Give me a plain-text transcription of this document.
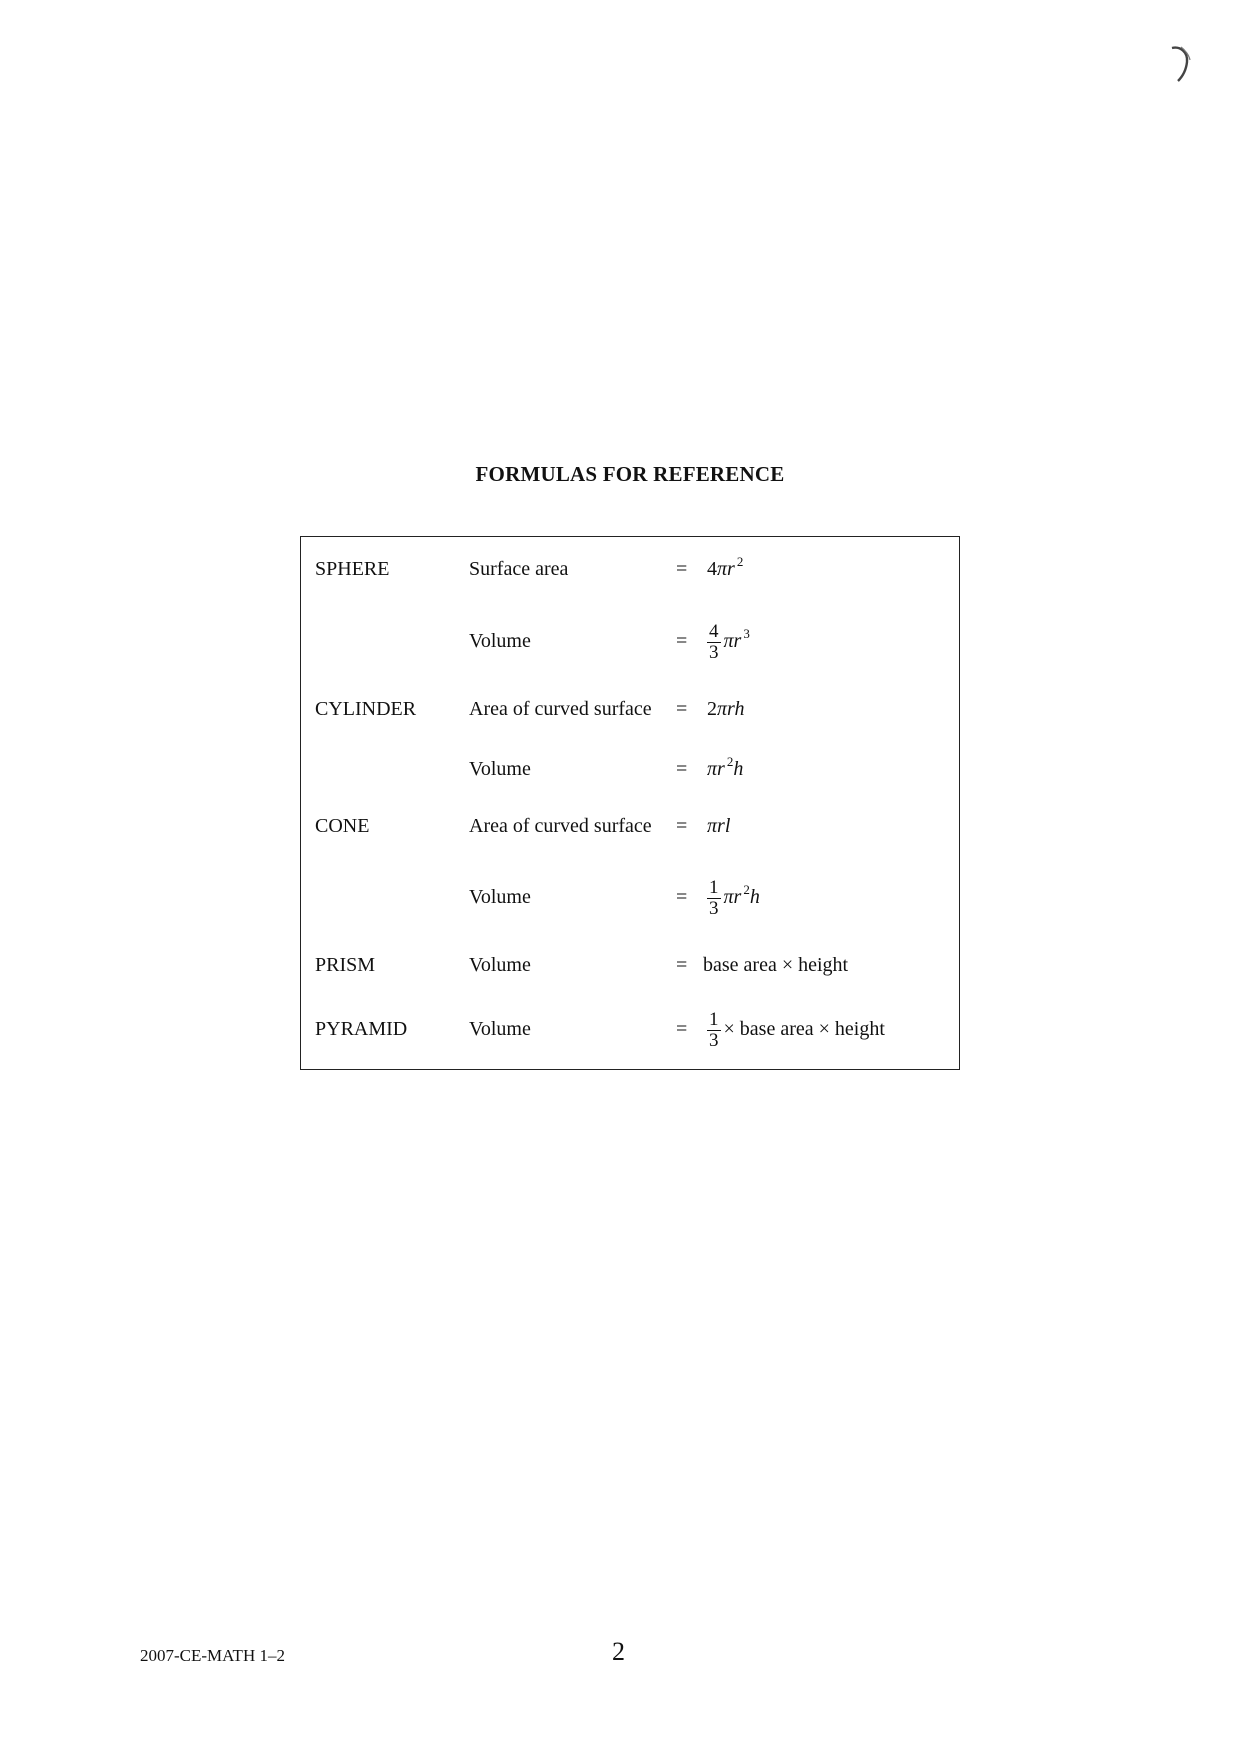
FORMULAS FOR REFERENCE
SPHERE	Surface area	= 4πr $^2$
Volume	= $\frac{4}{3}$ πr $^3$
CYLINDER	Area of curved surface = 2πrh
Volume	= πr $^2$h
CONE	Area of curved surface = πrl
Volume	= $\frac{1}{3}$ πr $^2$h
PRISM	Volume	= base area × height
PYRAMID	Volume	= $\frac{1}{3}$ × base area × height
2007-CE-MATH 1–2	2
